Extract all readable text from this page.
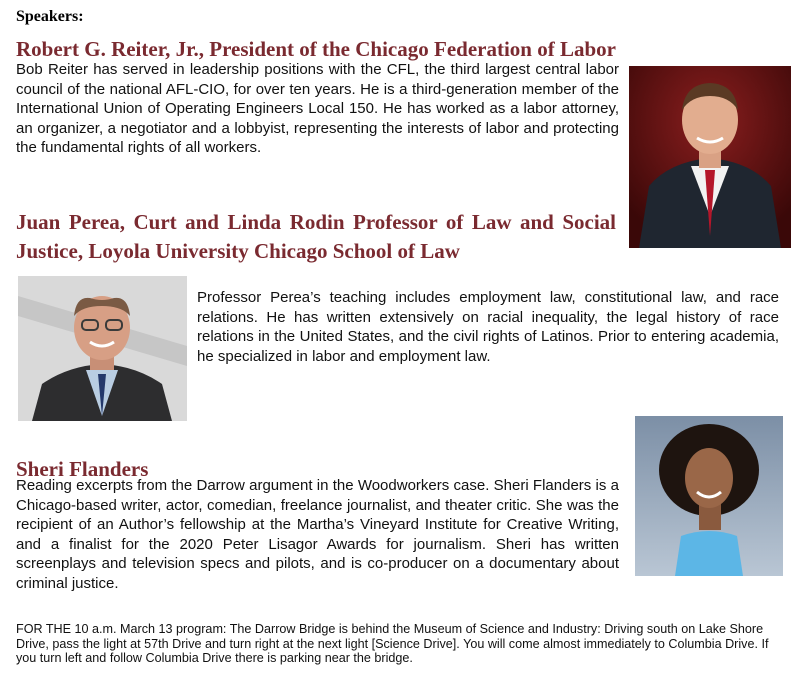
Speakers:
Robert G. Reiter, Jr., President of the Chicago Federation of Labor
Bob Reiter has served in leadership positions with the CFL, the third largest central labor council of the national AFL-CIO, for over ten years. He is a third-generation member of the International Union of Operating Engineers Local 150. He has worked as a labor attorney, an organizer, a negotiator and a lobbyist, representing the interests of labor and protecting the fundamental rights of all workers.
Juan Perea, Curt and Linda Rodin Professor of Law and Social Justice, Loyola University Chicago School of Law
Professor Perea’s teaching includes employment law, constitutional law, and race relations. He has written extensively on racial inequality, the legal history of race relations in the United States, and the civil rights of Latinos. Prior to entering academia, he specialized in labor and employment law.
Sheri Flanders
Reading excerpts from the Darrow argument in the Woodworkers case. Sheri Flanders is a Chicago-based writer, actor, comedian, freelance journalist, and theater critic. She was the recipient of an Author’s fellowship at the Martha’s Vineyard Institute for Creative Writing, and a finalist for the 2020 Peter Lisagor Awards for journalism. Sheri has written screenplays and television specs and pilots, and is co-producer on a documentary about criminal justice.
FOR THE 10 a.m. March 13 program: The Darrow Bridge is behind the Museum of Science and Industry: Driving south on Lake Shore Drive, pass the light at 57th Drive and turn right at the next light [Science Drive]. You will come almost immediately to Columbia Drive. If you turn left and follow Columbia Drive there is parking near the bridge.
